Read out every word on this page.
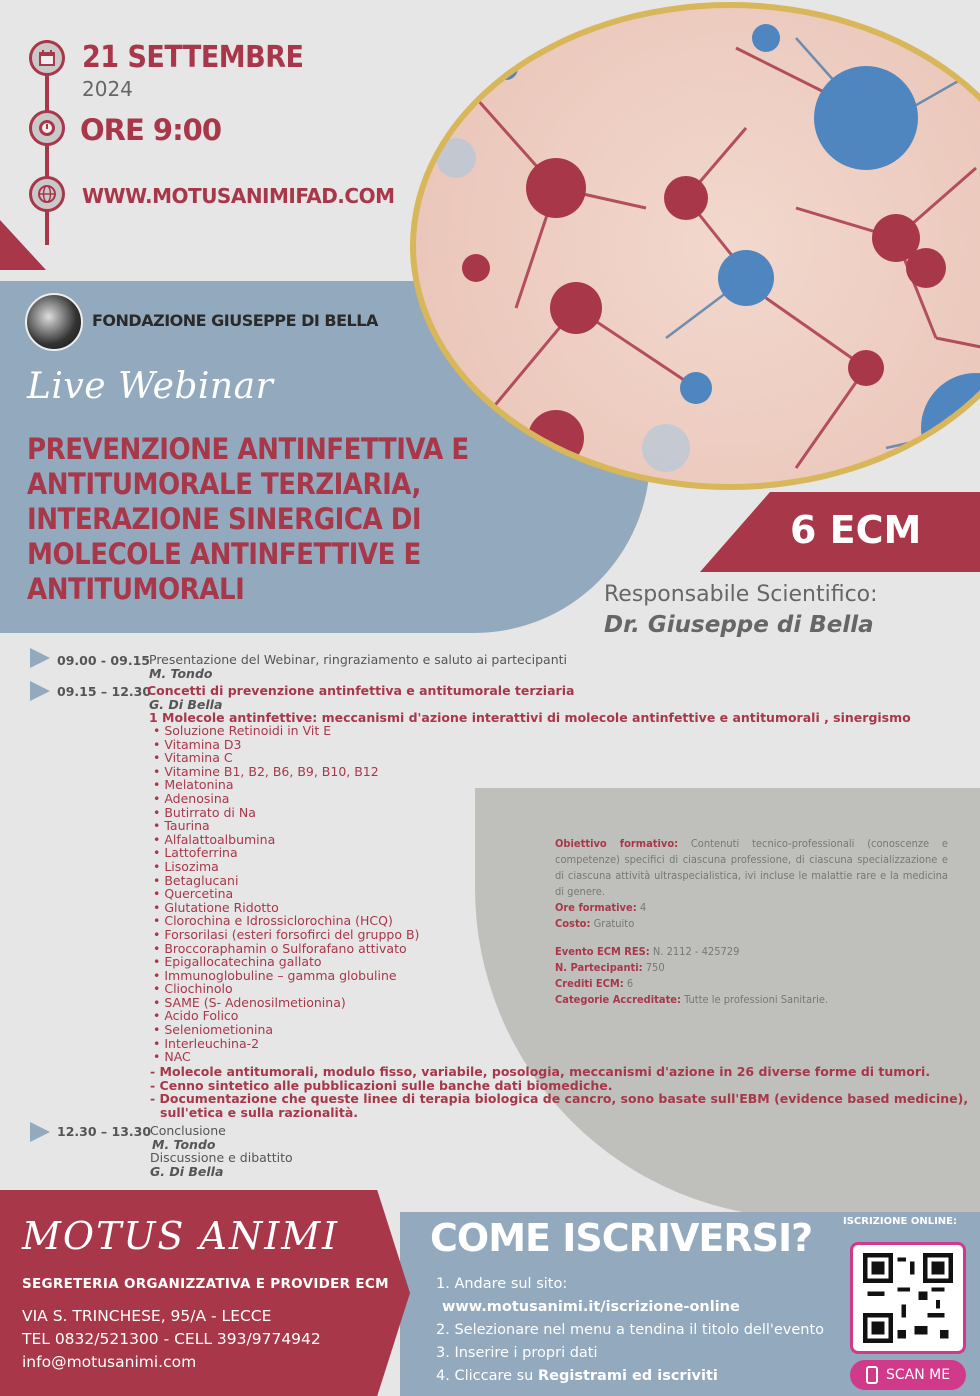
21 SETTEMBRE
2024
ORE 9:00
WWW.MOTUSANIMIFAD.COM
FONDAZIONE GIUSEPPE DI BELLA
Live Webinar
PREVENZIONE ANTINFETTIVA E ANTITUMORALE TERZIARIA, INTERAZIONE SINERGICA DI MOLECOLE ANTINFETTIVE E ANTITUMORALI
6 ECM
Responsabile Scientifico:
Dr. Giuseppe di Bella
09.00 - 09.15 Presentazione del Webinar, ringraziamento e saluto ai partecipanti
M. Tondo
09.15 – 12.30
Concetti di prevenzione antinfettiva e antitumorale terziaria
G. Di Bella
1 Molecole antinfettive: meccanismi d'azione interattivi di molecole antinfettive e antitumorali , sinergismo
• Soluzione Retinoidi in Vit E
• Vitamina D3
• Vitamina C
• Vitamine B1, B2, B6, B9, B10, B12
• Melatonina
• Adenosina
• Butirrato di Na
• Taurina
• Alfalattoalbumina
• Lattoferrina
• Lisozima
• Betaglucani
• Quercetina
• Glutatione Ridotto
• Clorochina e Idrossiclorochina (HCQ)
• Forsorilasi (esteri forsofirci del gruppo B)
• Broccoraphamin o Sulforafano attivato
• Epigallocatechina gallato
• Immunoglobuline – gamma globuline
• Cliochinolo
• SAME (S- Adenosilmetionina)
• Acido Folico
• Seleniometionina
• Interleuchina-2
• NAC
- Molecole antitumorali, modulo fisso, variabile, posologia, meccanismi d'azione in 26 diverse forme di tumori.
- Cenno sintetico alle pubblicazioni sulle banche dati biomediche.
- Documentazione che queste linee di terapia biologica de cancro, sono basate sull'EBM (evidence based medicine),
sull'etica e sulla razionalità.
12.30 – 13.30
Conclusione
M. Tondo
Discussione e dibattito
G. Di Bella
Obiettivo formativo: Contenuti tecnico-professionali (conoscenze e competenze) specifici di ciascuna professione, di ciascuna specializzazione e di ciascuna attività ultraspecialistica, ivi incluse le malattie rare e la medicina di genere.
Ore formative: 4
Costo: Gratuito
Evento ECM RES: N. 2112 - 425729
N. Partecipanti: 750
Crediti ECM: 6
Categorie Accreditate: Tutte le professioni Sanitarie.
MOTUS ANIMI
SEGRETERIA ORGANIZZATIVA E PROVIDER ECM
VIA S. TRINCHESE, 95/A - LECCE
TEL 0832/521300 - CELL 393/9774942
info@motusanimi.com
COME ISCRIVERSI?
1. Andare sul sito:
www.motusanimi.it/iscrizione-online
2. Selezionare nel menu a tendina il titolo dell'evento
3. Inserire i propri dati
4. Cliccare su Registrami ed iscriviti
ISCRIZIONE ONLINE:
SCAN ME
